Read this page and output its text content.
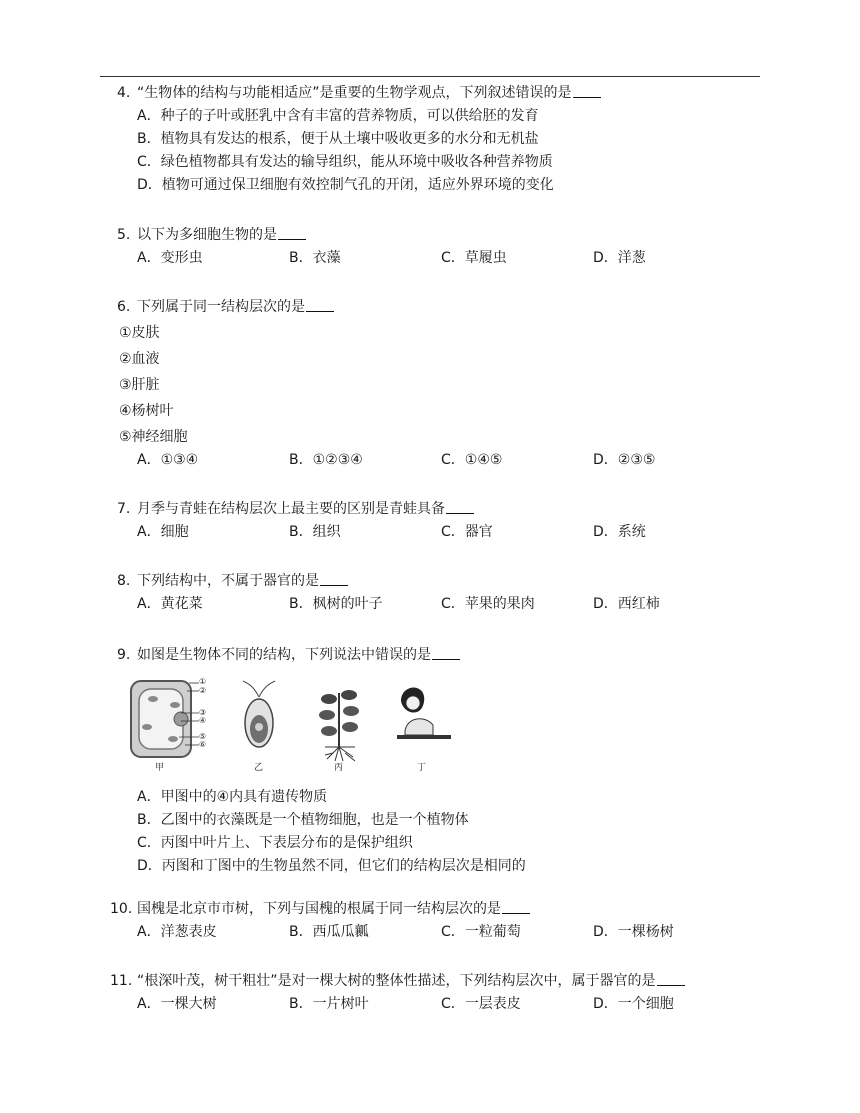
4. “生物体的结构与功能相适应”是重要的生物学观点，下列叙述错误的是
A．种子的子叶或胚乳中含有丰富的营养物质，可以供给胚的发育
B．植物具有发达的根系，便于从土壤中吸收更多的水分和无机盐
C．绿色植物都具有发达的输导组织，能从环境中吸收各种营养物质
D．植物可通过保卫细胞有效控制气孔的开闭，适应外界环境的变化
5. 以下为多细胞生物的是
A．变形虫	B．衣藻	C．草履虫	D．洋葱
6. 下列属于同一结构层次的是
①皮肤
②血液
③肝脏
④杨树叶
⑤神经细胞
A．①③④	B．①②③④	C．①④⑤	D．②③⑤
7. 月季与青蛙在结构层次上最主要的区别是青蛙具备
A．细胞	B．组织	C．器官	D．系统
8. 下列结构中，不属于器官的是
A．黄花菜	B．枫树的叶子	C．苹果的果肉	D．西红柿
9. 如图是生物体不同的结构，下列说法中错误的是
甲	乙	丙	丁
①
②
③
④
⑤
⑥
A．甲图中的④内具有遗传物质
B．乙图中的衣藻既是一个植物细胞，也是一个植物体
C．丙图中叶片上、下表层分布的是保护组织
D．丙图和丁图中的生物虽然不同，但它们的结构层次是相同的
10. 国槐是北京市市树，下列与国槐的根属于同一结构层次的是
A．洋葱表皮	B．西瓜瓜瓤	C．一粒葡萄	D．一棵杨树
11. “根深叶茂，树干粗壮”是对一棵大树的整体性描述，下列结构层次中，属于器官的是
A．一棵大树	B．一片树叶	C．一层表皮	D．一个细胞
